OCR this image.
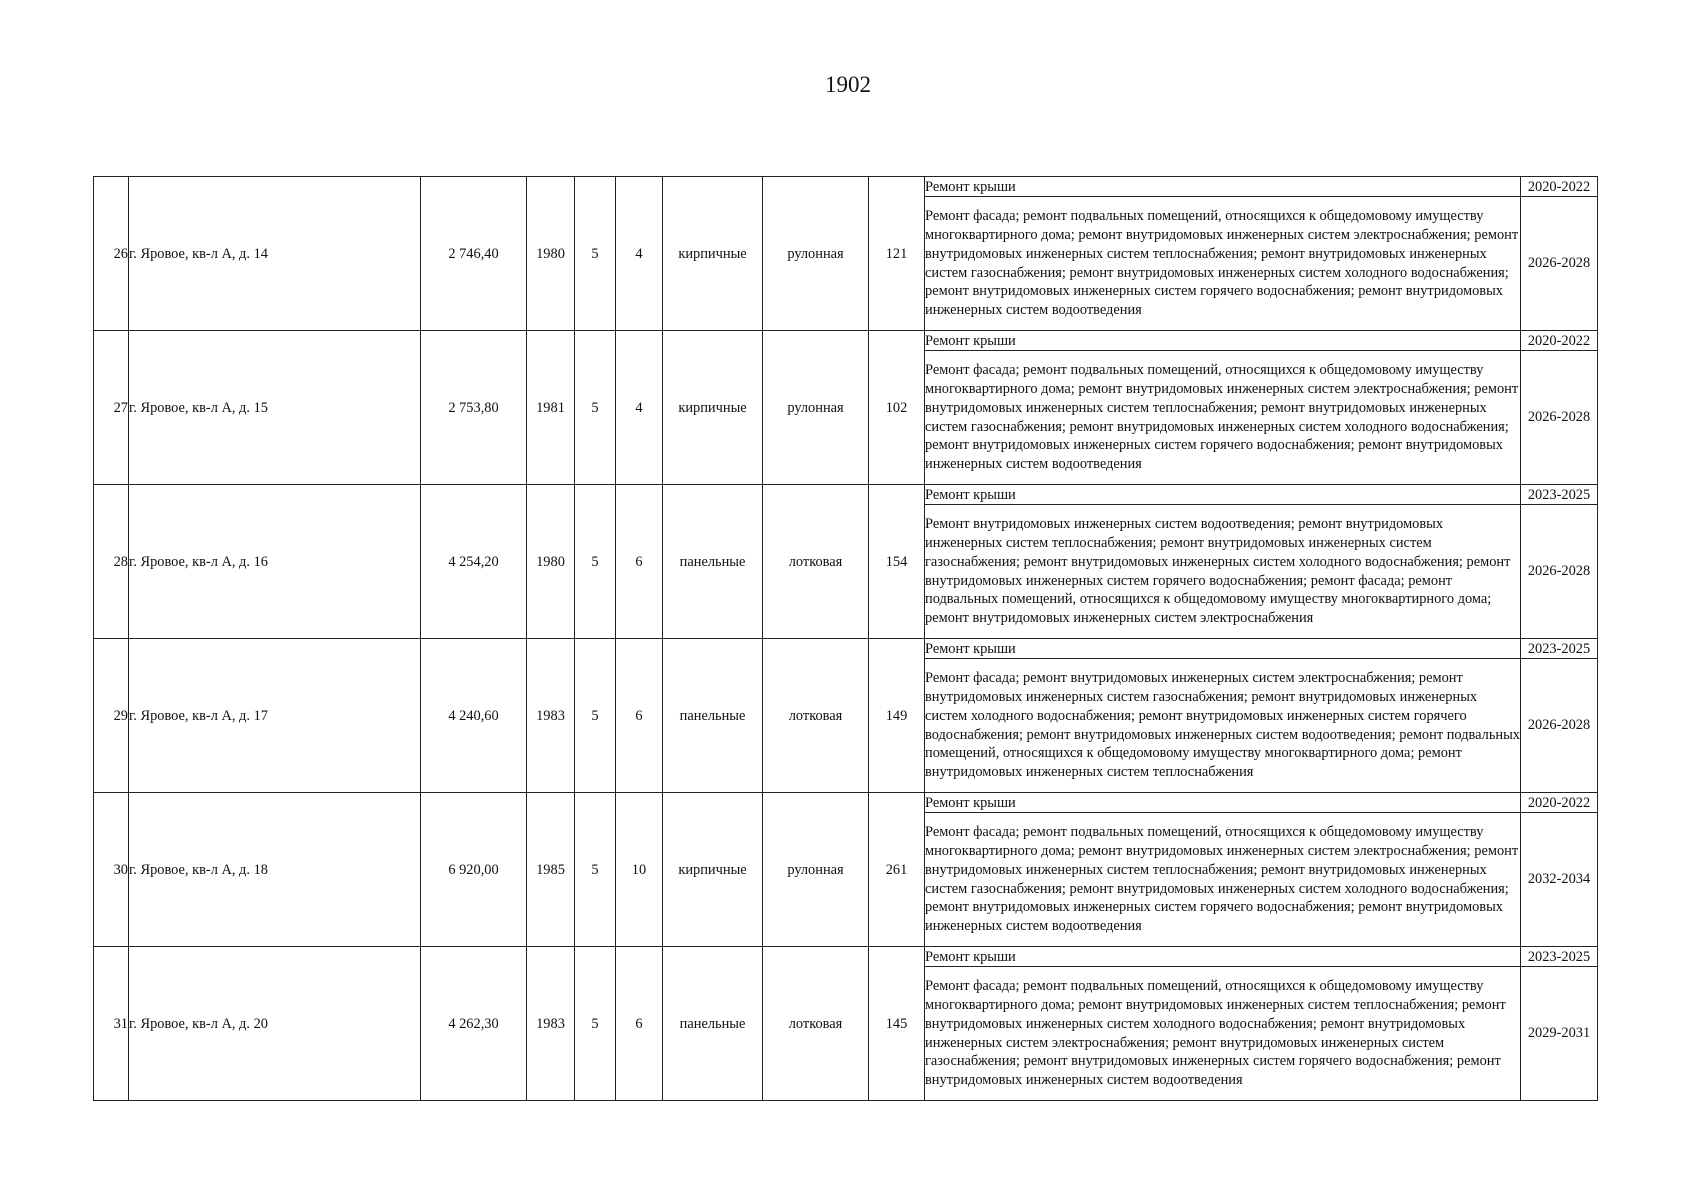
1902
26	г. Яровое, кв-л А, д. 14	2 746,40	1980	5	4	кирпичные	рулонная	121	Ремонт крыши	2020-2022
									Ремонт фасада; ремонт подвальных помещений, относящихся к общедомовому имуществу многоквартирного дома; ремонт внутридомовых инженерных систем электроснабжения; ремонт внутридомовых инженерных систем теплоснабжения; ремонт внутридомовых инженерных систем газоснабжения; ремонт внутридомовых инженерных систем холодного водоснабжения; ремонт внутридомовых инженерных систем горячего водоснабжения; ремонт внутридомовых инженерных систем водоотведения	2026-2028
27	г. Яровое, кв-л А, д. 15	2 753,80	1981	5	4	кирпичные	рулонная	102	Ремонт крыши	2020-2022
									Ремонт фасада; ремонт подвальных помещений, относящихся к общедомовому имуществу многоквартирного дома; ремонт внутридомовых инженерных систем электроснабжения; ремонт внутридомовых инженерных систем теплоснабжения; ремонт внутридомовых инженерных систем газоснабжения; ремонт внутридомовых инженерных систем холодного водоснабжения; ремонт внутридомовых инженерных систем горячего водоснабжения; ремонт внутридомовых инженерных систем водоотведения	2026-2028
28	г. Яровое, кв-л А, д. 16	4 254,20	1980	5	6	панельные	лотковая	154	Ремонт крыши	2023-2025
									Ремонт внутридомовых инженерных систем водоотведения; ремонт внутридомовых инженерных систем теплоснабжения; ремонт внутридомовых инженерных систем газоснабжения; ремонт внутридомовых инженерных систем холодного водоснабжения; ремонт внутридомовых инженерных систем горячего водоснабжения; ремонт фасада; ремонт подвальных помещений, относящихся к общедомовому имуществу многоквартирного дома; ремонт внутридомовых инженерных систем электроснабжения	2026-2028
29	г. Яровое, кв-л А, д. 17	4 240,60	1983	5	6	панельные	лотковая	149	Ремонт крыши	2023-2025
									Ремонт фасада; ремонт внутридомовых инженерных систем электроснабжения; ремонт внутридомовых инженерных систем газоснабжения; ремонт внутридомовых инженерных систем холодного водоснабжения; ремонт внутридомовых инженерных систем горячего водоснабжения; ремонт внутридомовых инженерных систем водоотведения; ремонт подвальных помещений, относящихся к общедомовому имуществу многоквартирного дома; ремонт внутридомовых инженерных систем теплоснабжения	2026-2028
30	г. Яровое, кв-л А, д. 18	6 920,00	1985	5	10	кирпичные	рулонная	261	Ремонт крыши	2020-2022
									Ремонт фасада; ремонт подвальных помещений, относящихся к общедомовому имуществу многоквартирного дома; ремонт внутридомовых инженерных систем электроснабжения; ремонт внутридомовых инженерных систем теплоснабжения; ремонт внутридомовых инженерных систем газоснабжения; ремонт внутридомовых инженерных систем холодного водоснабжения; ремонт внутридомовых инженерных систем горячего водоснабжения; ремонт внутридомовых инженерных систем водоотведения	2032-2034
31	г. Яровое, кв-л А, д. 20	4 262,30	1983	5	6	панельные	лотковая	145	Ремонт крыши	2023-2025
									Ремонт фасада; ремонт подвальных помещений, относящихся к общедомовому имуществу многоквартирного дома; ремонт внутридомовых инженерных систем теплоснабжения; ремонт внутридомовых инженерных систем холодного водоснабжения; ремонт внутридомовых инженерных систем электроснабжения; ремонт внутридомовых инженерных систем газоснабжения; ремонт внутридомовых инженерных систем горячего водоснабжения; ремонт внутридомовых инженерных систем водоотведения	2029-2031
